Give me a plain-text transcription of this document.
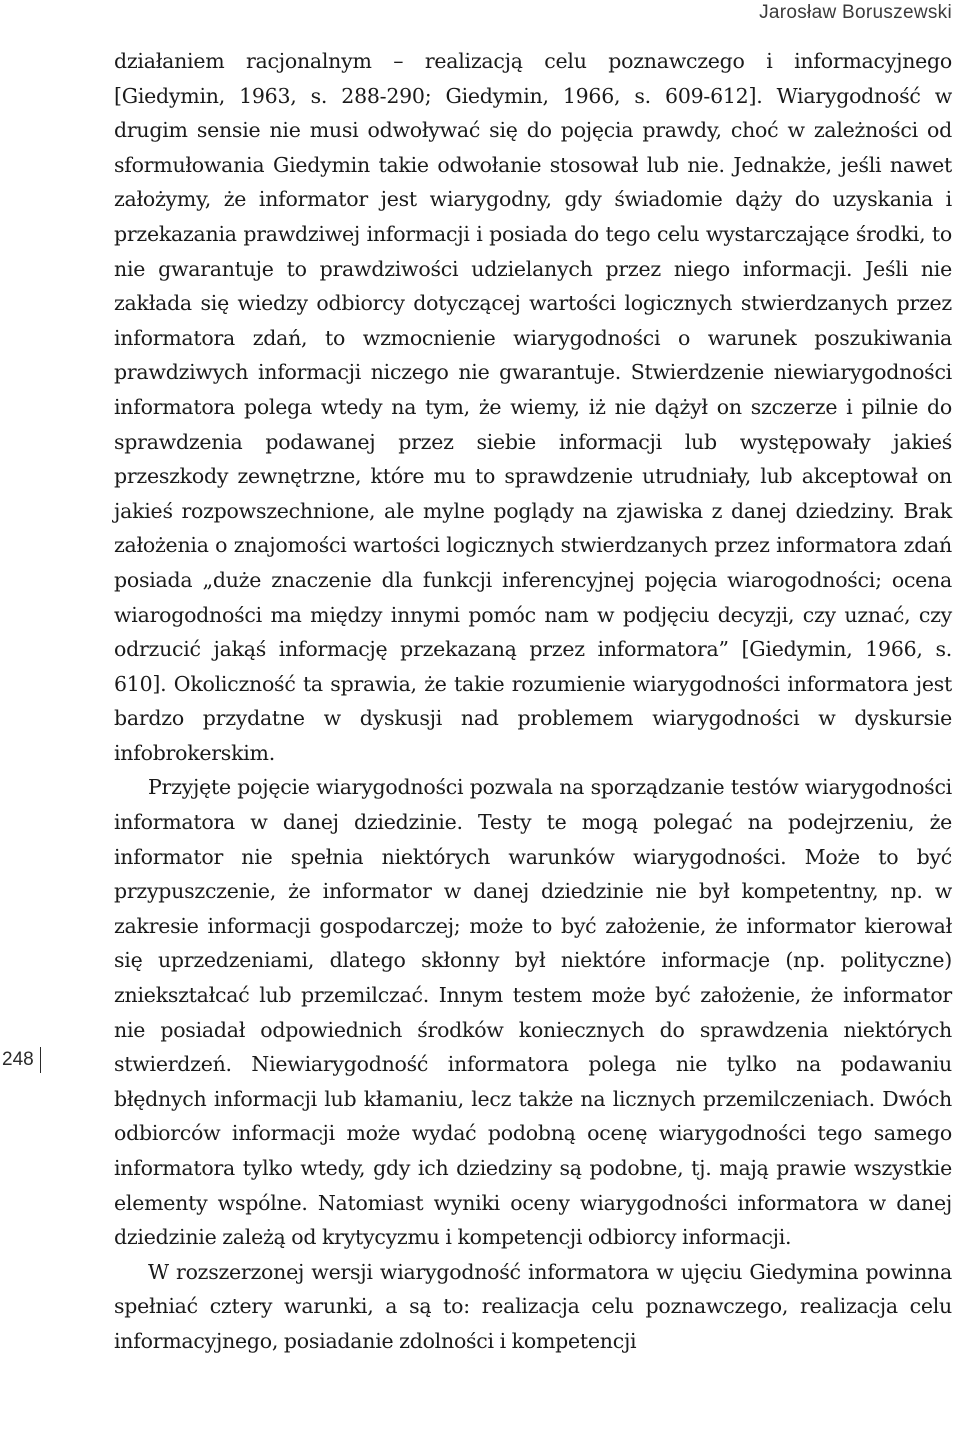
Jarosław Boruszewski
248

działaniem racjonalnym – realizacją celu poznawczego i informacyjnego [Giedymin, 1963, s. 288-290; Giedymin, 1966, s. 609-612]. Wiarygodność w drugim sensie nie musi odwoływać się do pojęcia prawdy, choć w zależności od sformułowania Giedymin takie odwołanie stosował lub nie. Jednakże, jeśli nawet założymy, że informator jest wiarygodny, gdy świadomie dąży do uzyskania i przekazania prawdziwej informacji i posiada do tego celu wystarczające środki, to nie gwarantuje to prawdziwości udzielanych przez niego informacji. Jeśli nie zakłada się wiedzy odbiorcy dotyczącej wartości logicznych stwierdzanych przez informatora zdań, to wzmocnienie wiarygodności o warunek poszukiwania prawdziwych informacji niczego nie gwarantuje. Stwierdzenie niewiarygodności informatora polega wtedy na tym, że wiemy, iż nie dążył on szczerze i pilnie do sprawdzenia podawanej przez siebie informacji lub występowały jakieś przeszkody zewnętrzne, które mu to sprawdzenie utrudniały, lub akceptował on jakieś rozpowszechnione, ale mylne poglądy na zjawiska z danej dziedziny. Brak założenia o znajomości wartości logicznych stwierdzanych przez informatora zdań posiada „duże znaczenie dla funkcji inferencyjnej pojęcia wiarogodności; ocena wiarogodności ma między innymi pomóc nam w podjęciu decyzji, czy uznać, czy odrzucić jakąś informację przekazaną przez informatora” [Giedymin, 1966, s. 610]. Okoliczność ta sprawia, że takie rozumienie wiarygodności informatora jest bardzo przydatne w dyskusji nad problemem wiarygodności w dyskursie infobrokerskim.

Przyjęte pojęcie wiarygodności pozwala na sporządzanie testów wiarygodności informatora w danej dziedzinie. Testy te mogą polegać na podejrzeniu, że informator nie spełnia niektórych warunków wiarygodności. Może to być przypuszczenie, że informator w danej dziedzinie nie był kompetentny, np. w zakresie informacji gospodarczej; może to być założenie, że informator kierował się uprzedzeniami, dlatego skłonny był niektóre informacje (np. polityczne) zniekształcać lub przemilczać. Innym testem może być założenie, że informator nie posiadał odpowiednich środków koniecznych do sprawdzenia niektórych stwierdzeń. Niewiarygodność informatora polega nie tylko na podawaniu błędnych informacji lub kłamaniu, lecz także na licznych przemilczeniach. Dwóch odbiorców informacji może wydać podobną ocenę wiarygodności tego samego informatora tylko wtedy, gdy ich dziedziny są podobne, tj. mają prawie wszystkie elementy wspólne. Natomiast wyniki oceny wiarygodności informatora w danej dziedzinie zależą od krytycyzmu i kompetencji odbiorcy informacji.

W rozszerzonej wersji wiarygodność informatora w ujęciu Giedymina powinna spełniać cztery warunki, a są to: realizacja celu poznawczego, realizacja celu informacyjnego, posiadanie zdolności i kompetencji
